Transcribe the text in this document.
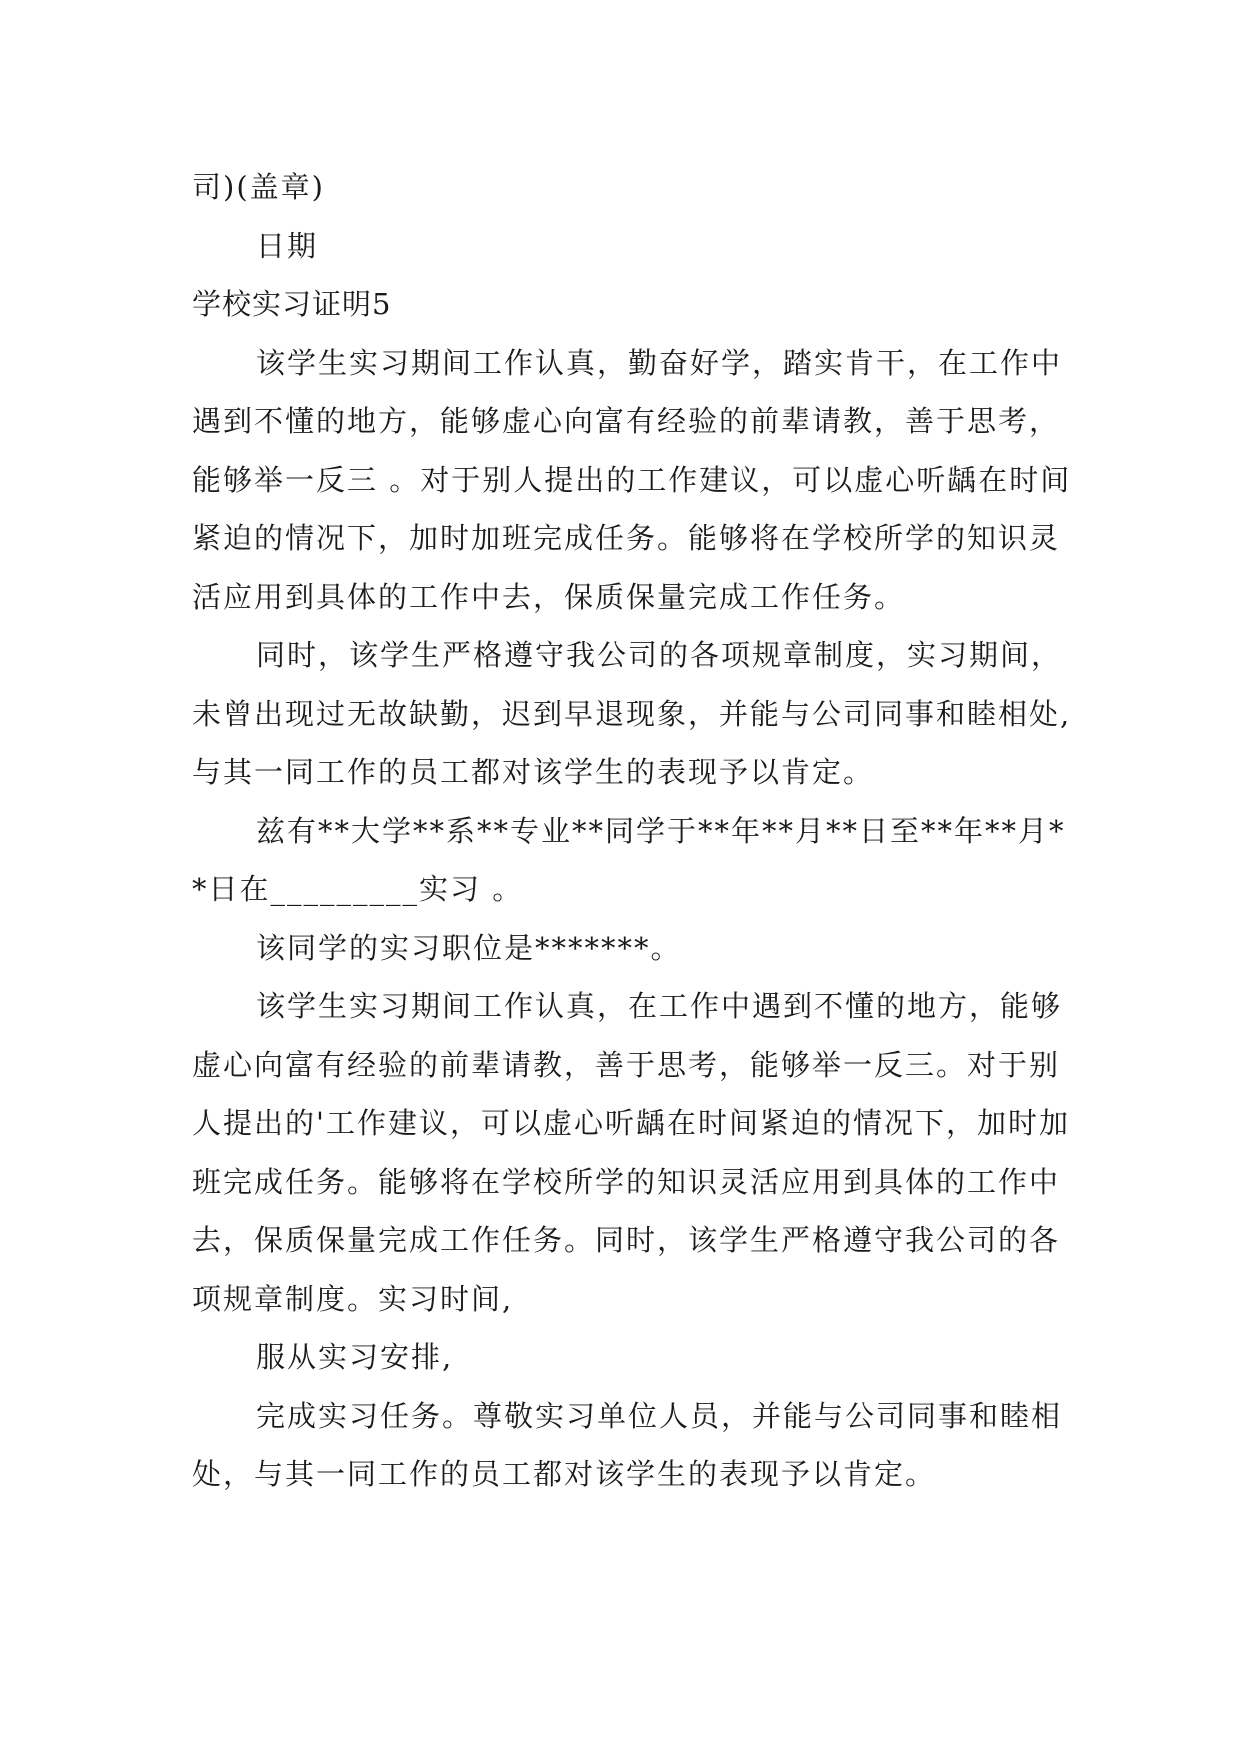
司)(盖章)

日期

学校实习证明5

该学生实习期间工作认真，勤奋好学，踏实肯干，在工作中遇到不懂的地方，能够虚心向富有经验的前辈请教，善于思考，能够举一反三 。对于别人提出的工作建议，可以虚心听龋在时间紧迫的情况下，加时加班完成任务。能够将在学校所学的知识灵活应用到具体的工作中去，保质保量完成工作任务。

同时，该学生严格遵守我公司的各项规章制度，实习期间，未曾出现过无故缺勤，迟到早退现象，并能与公司同事和睦相处,与其一同工作的员工都对该学生的表现予以肯定。

兹有**大学**系**专业**同学于**年**月**日至**年**月**日在_________实习 。

该同学的实习职位是*******。

该学生实习期间工作认真，在工作中遇到不懂的地方，能够虚心向富有经验的前辈请教，善于思考，能够举一反三。对于别人提出的'工作建议，可以虚心听龋在时间紧迫的情况下，加时加班完成任务。能够将在学校所学的知识灵活应用到具体的工作中去，保质保量完成工作任务。同时，该学生严格遵守我公司的各项规章制度。实习时间,

服从实习安排,

完成实习任务。尊敬实习单位人员，并能与公司同事和睦相处，与其一同工作的员工都对该学生的表现予以肯定。
